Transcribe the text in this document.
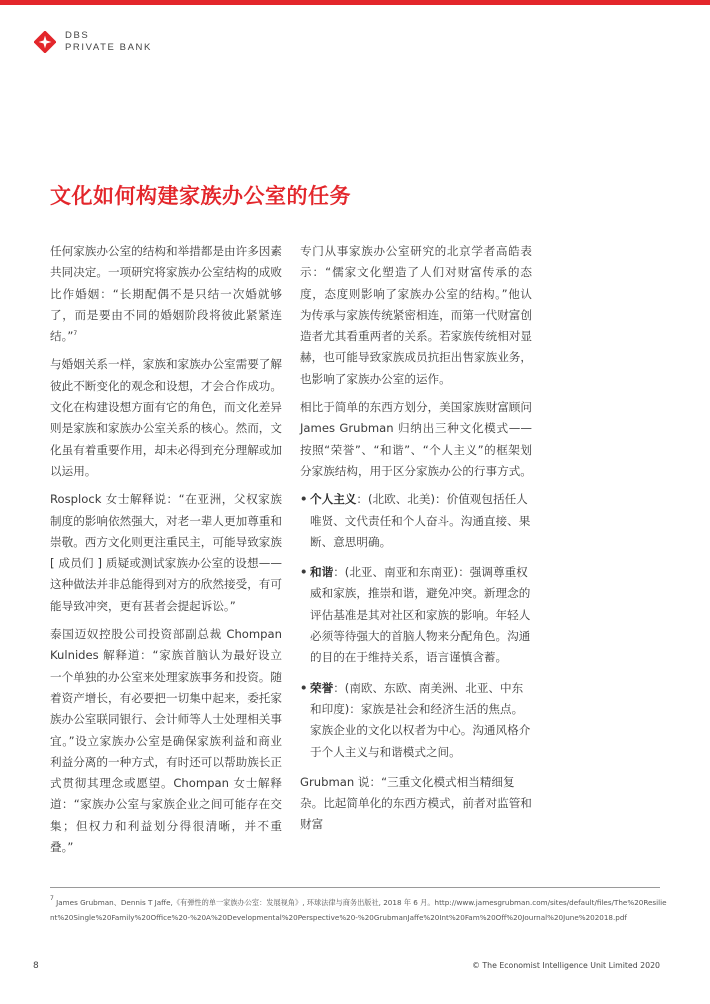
DBS
PRIVATE BANK
文化如何构建家族办公室的任务

任何家族办公室的结构和举措都是由许多因素共同决定。一项研究将家族办公室结构的成败比作婚姻：“长期配偶不是只结一次婚就够了，而是要由不同的婚姻阶段将彼此紧紧连结。”$^7$

与婚姻关系一样，家族和家族办公室需要了解彼此不断变化的观念和设想，才会合作成功。文化在构建设想方面有它的角色，而文化差异则是家族和家族办公室关系的核心。然而，文化虽有着重要作用，却未必得到充分理解或加以运用。

Rosplock 女士解释说：“在亚洲，父权家族制度的影响依然强大，对老一辈人更加尊重和崇敬。西方文化则更注重民主，可能导致家族 [ 成员们 ] 质疑或测试家族办公室的设想——这种做法并非总能得到对方的欣然接受，有可能导致冲突，更有甚者会提起诉讼。”

泰国迈奴控股公司投资部副总裁 Chompan Kulnides 解释道：“家族首脑认为最好设立一个单独的办公室来处理家族事务和投资。随着资产增长，有必要把一切集中起来，委托家族办公室联同银行、会计师等人士处理相关事宜。”设立家族办公室是确保家族利益和商业利益分离的一种方式，有时还可以帮助族长正式贯彻其理念或愿望。Chompan 女士解释道：“家族办公室与家族企业之间可能存在交集；但权力和利益划分得很清晰，并不重叠。”

专门从事家族办公室研究的北京学者高皓表示：“儒家文化塑造了人们对财富传承的态度，态度则影响了家族办公室的结构。”他认为传承与家族传统紧密相连，而第一代财富创造者尤其看重两者的关系。若家族传统相对显赫，也可能导致家族成员抗拒出售家族业务，也影响了家族办公室的运作。

相比于简单的东西方划分，美国家族财富顾问 James Grubman 归纳出三种文化模式——按照“荣誉”、“和谐”、“个人主义”的框架划分家族结构，用于区分家族办公的行事方式。

• 个人主义：(北欧、北美)：价值观包括任人唯贤、文代责任和个人奋斗。沟通直接、果断、意思明确。
• 和谐：(北亚、南亚和东南亚)：强调尊重权威和家族，推崇和谐，避免冲突。新理念的评估基准是其对社区和家族的影响。年轻人必须等待强大的首脑人物来分配角色。沟通的目的在于维持关系，语言谨慎含蓄。
• 荣誉：(南欧、东欧、南美洲、北亚、中东和印度)：家族是社会和经济生活的焦点。家族企业的文化以权者为中心。沟通风格介于个人主义与和谐模式之间。

Grubman 说：“三重文化模式相当精细复杂。比起简单化的东西方模式，前者对监管和财富

$^7$ James Grubman、Dennis T Jaffe,《有弹性的单一家族办公室：发展视角》, 环球法律与商务出版社, 2018 年 6 月。http://www.jamesgrubman.com/sites/default/files/The%20Resilient%20Single%20Family%20Office%20-%20A%20Developmental%20Perspective%20-%20GrubmanJaffe%20Int%20Fam%20Off%20Journal%20June%202018.pdf
8	© The Economist Intelligence Unit Limited 2020
